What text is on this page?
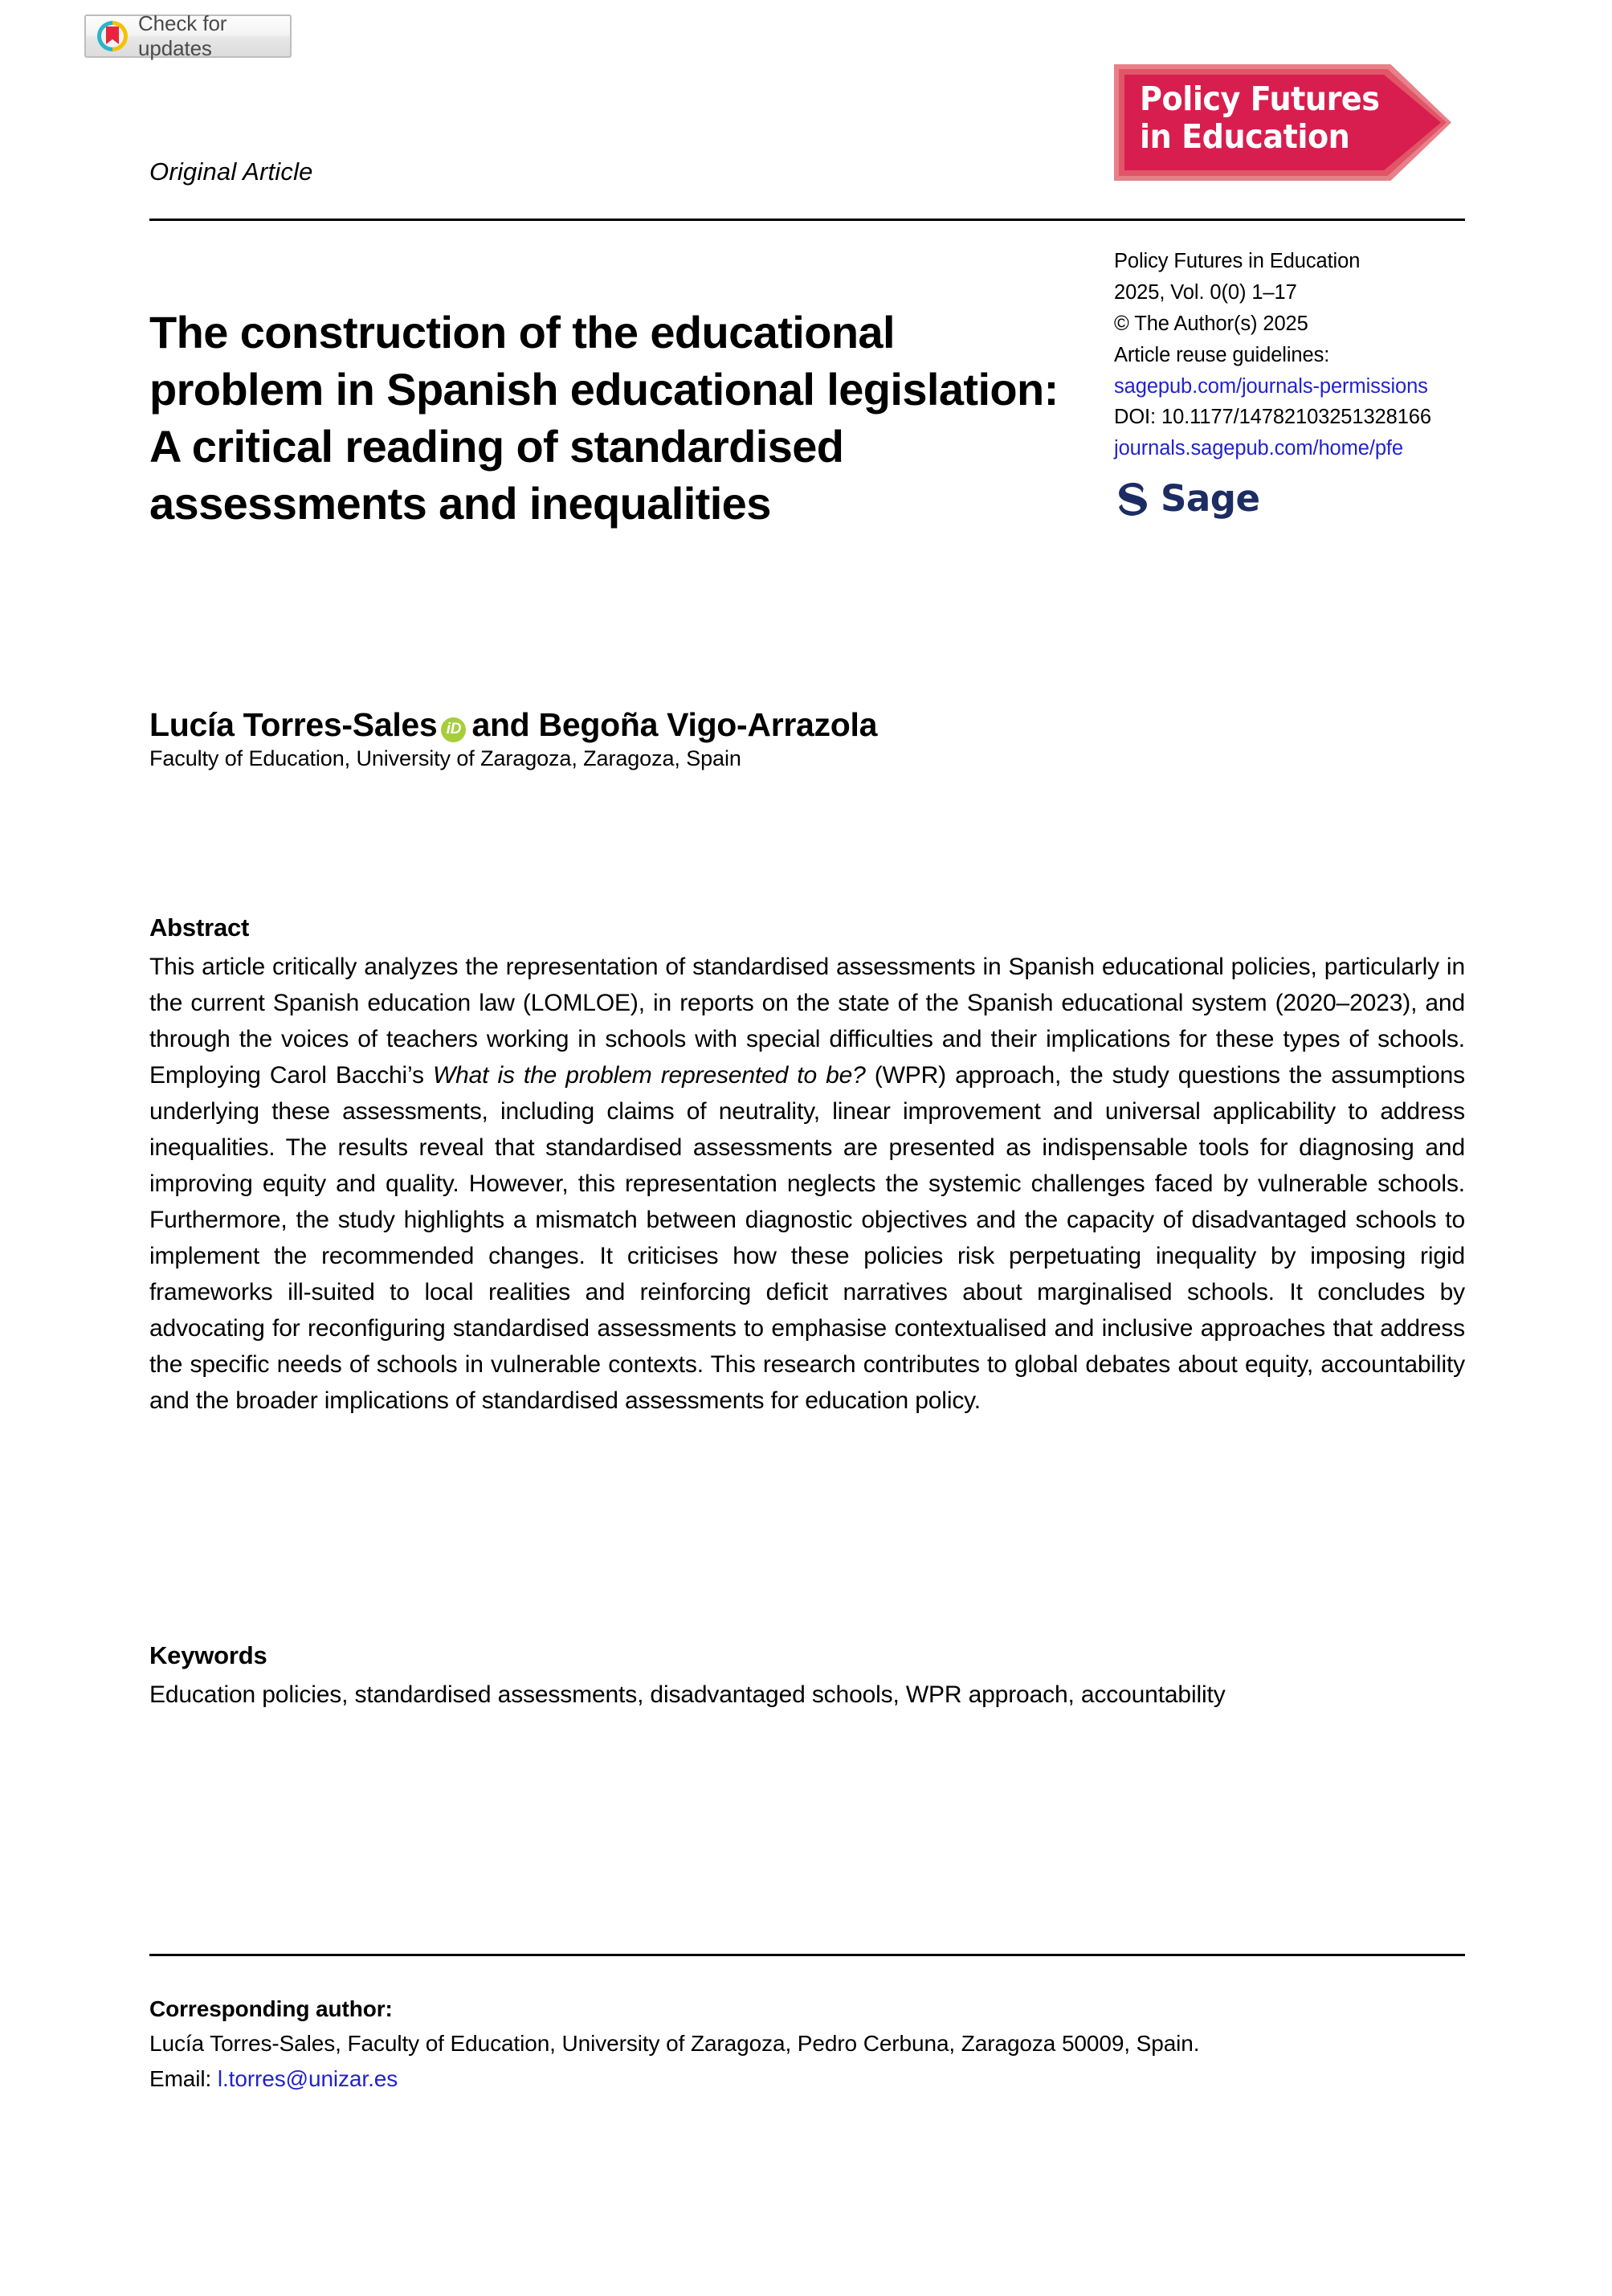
Check for updates
Policy Futures
in Education
Original Article
The construction of the educational problem in Spanish educational legislation: A critical reading of standardised assessments and inequalities
Policy Futures in Education
2025, Vol. 0(0) 1–17
© The Author(s) 2025
Article reuse guidelines:
sagepub.com/journals-permissions
DOI: 10.1177/14782103251328166
journals.sagepub.com/home/pfe
Sage
Lucía Torres-Sales iD and
Begoña Vigo-Arrazola
Faculty of Education, University of Zaragoza, Zaragoza, Spain
Abstract

This article critically analyzes the representation of standardised assessments in Spanish educational policies, particularly in the current Spanish education law (LOMLOE), in reports on the state of the Spanish educational system (2020–2023), and through the voices of teachers working in schools with special difficulties and their implications for these types of schools. Employing Carol Bacchi’s What is the problem represented to be? (WPR) approach, the study questions the assumptions underlying these assessments, including claims of neutrality, linear improvement and universal applicability to address inequalities. The results reveal that standardised assessments are presented as indispensable tools for diagnosing and improving equity and quality. However, this representation neglects the systemic challenges faced by vulnerable schools. Furthermore, the study highlights a mismatch between diagnostic objectives and the capacity of disadvantaged schools to implement the recommended changes. It criticises how these policies risk perpetuating inequality by imposing rigid frameworks ill-suited to local realities and reinforcing deficit narratives about marginalised schools. It concludes by advocating for reconfiguring standardised assessments to emphasise contextualised and inclusive approaches that address the specific needs of schools in vulnerable contexts. This research contributes to global debates about equity, accountability and the broader implications of standardised assessments for education policy.

Keywords
Education policies, standardised assessments, disadvantaged schools, WPR approach, accountability
Corresponding author:
Lucía Torres-Sales, Faculty of Education, University of Zaragoza, Pedro Cerbuna, Zaragoza 50009, Spain.
Email: l.torres@unizar.es
